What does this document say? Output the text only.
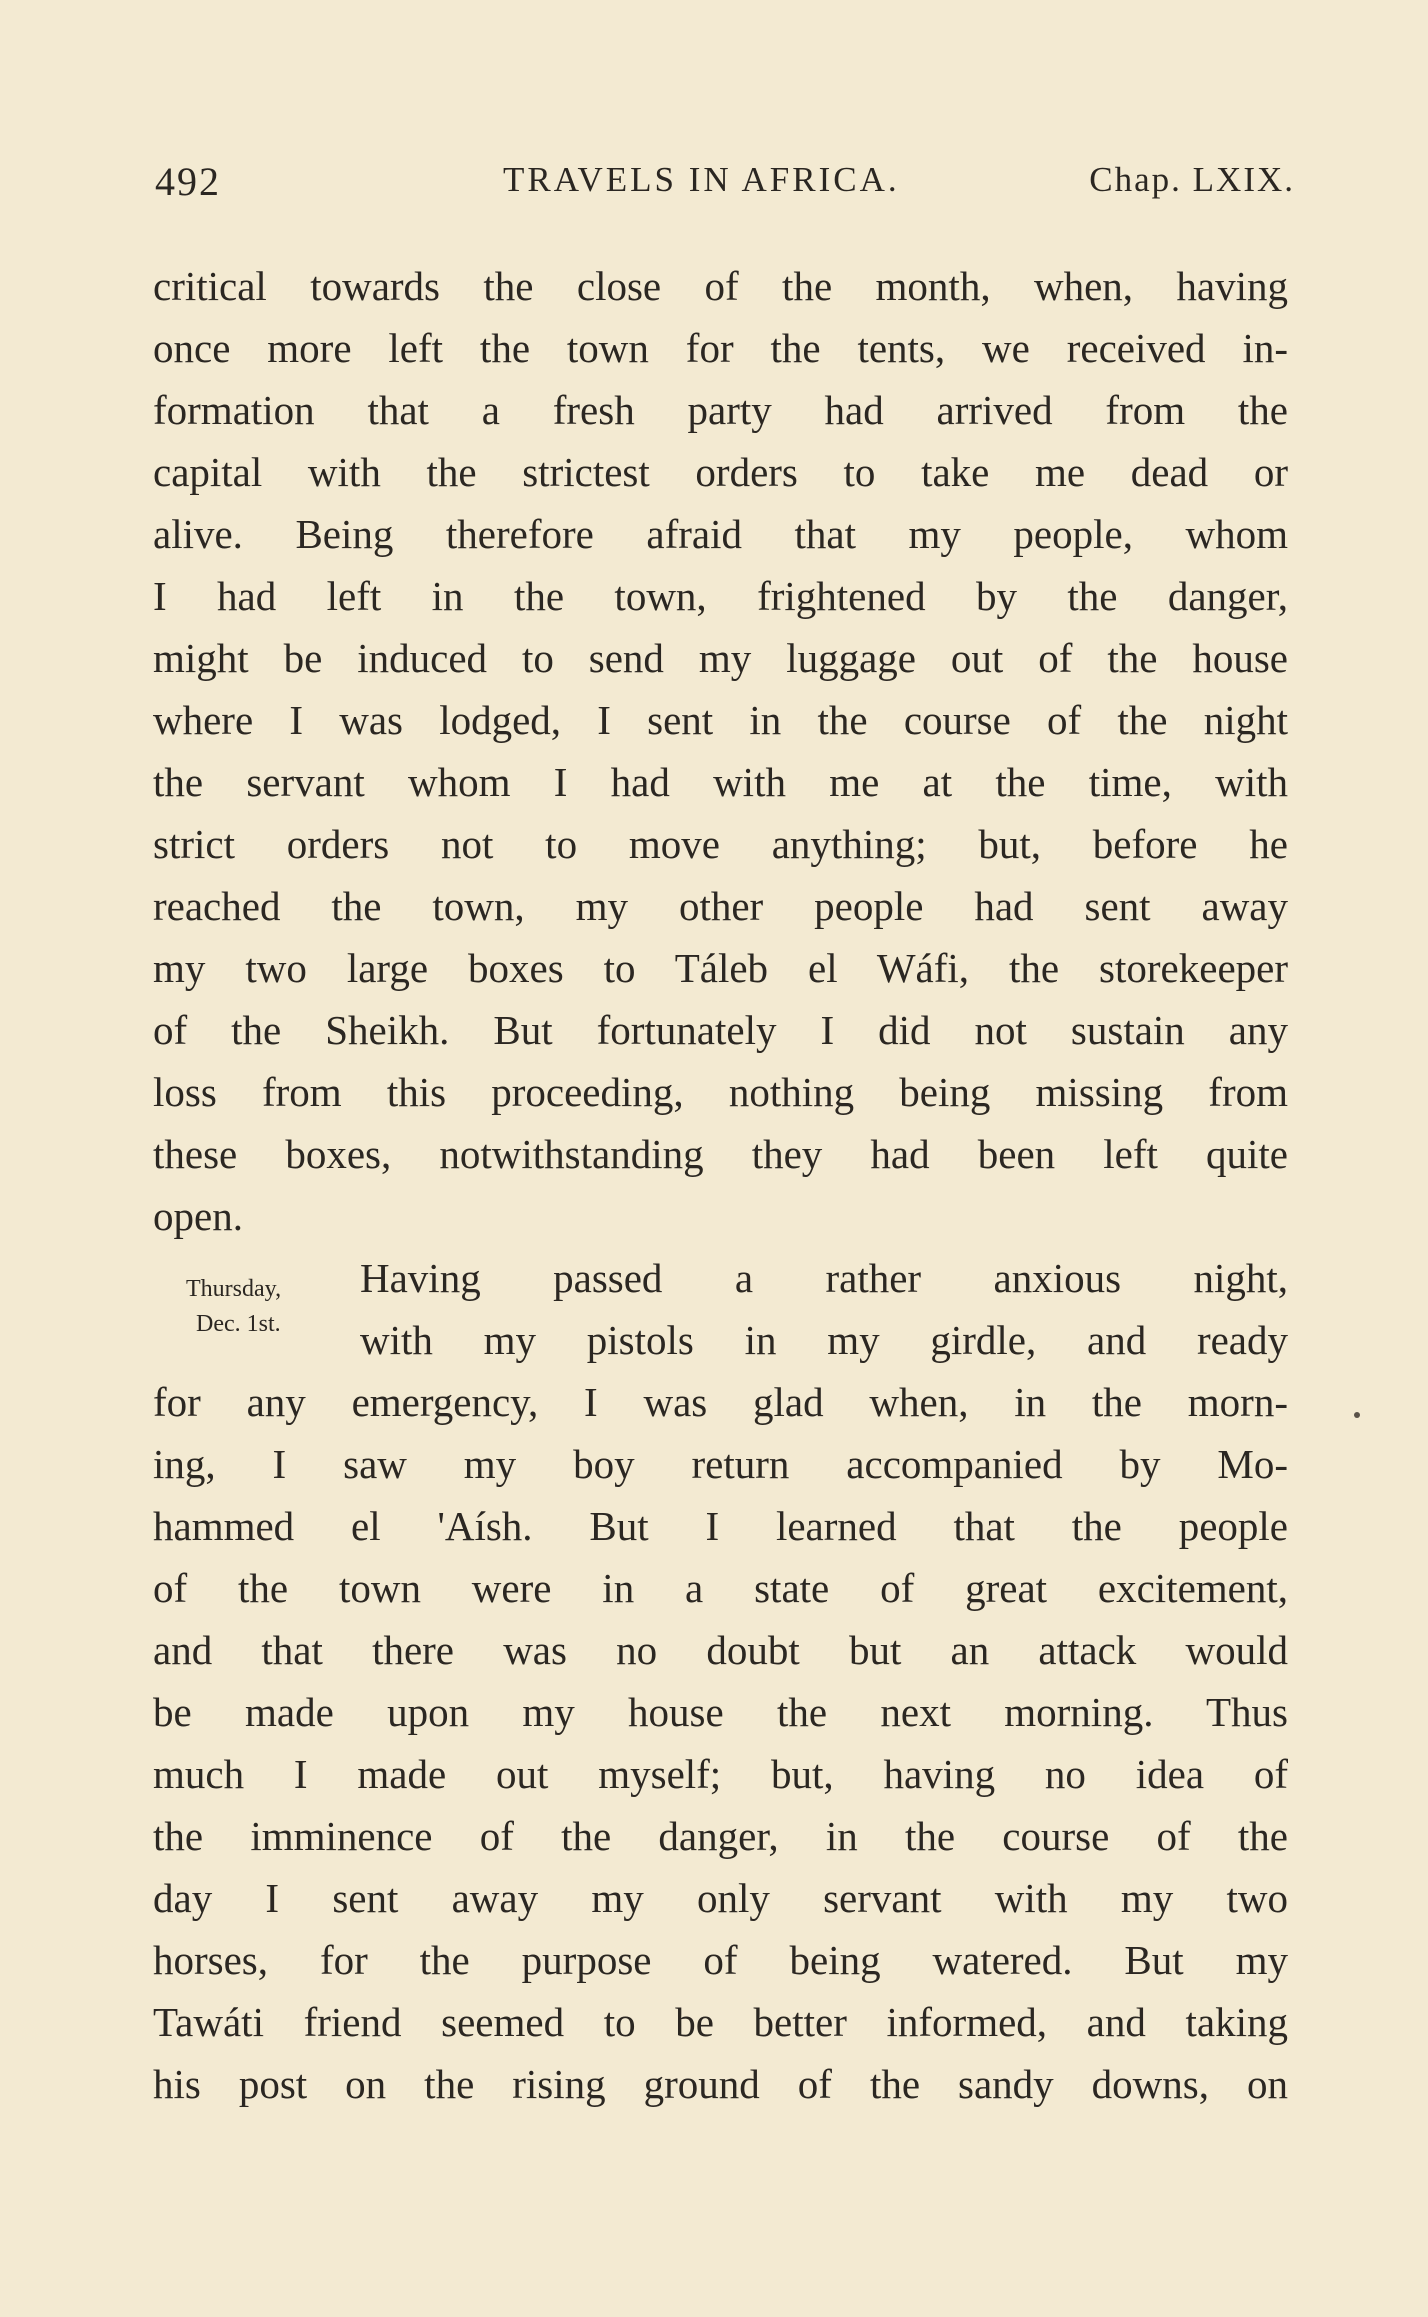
492	TRAVELS IN AFRICA.	Chap. LXIX.
critical towards the close of the month, when, having
once more left the town for the tents, we received in-
formation that a fresh party had arrived from the
capital with the strictest orders to take me dead or
alive. Being therefore afraid that my people, whom
I had left in the town, frightened by the danger,
might be induced to send my luggage out of the house
where I was lodged, I sent in the course of the night
the servant whom I had with me at the time, with
strict orders not to move anything; but, before he
reached the town, my other people had sent away
my two large boxes to Táleb el Wáfi, the storekeeper
of the Sheikh. But fortunately I did not sustain any
loss from this proceeding, nothing being missing from
these boxes, notwithstanding they had been left quite
open.
Having passed a rather anxious night,
with my pistols in my girdle, and ready
for any emergency, I was glad when, in the morn-
ing, I saw my boy return accompanied by Mo-
hammed el 'Aísh. But I learned that the people
of the town were in a state of great excitement,
and that there was no doubt but an attack would
be made upon my house the next morning. Thus
much I made out myself; but, having no idea of
the imminence of the danger, in the course of the
day I sent away my only servant with my two
horses, for the purpose of being watered. But my
Tawáti friend seemed to be better informed, and taking
his post on the rising ground of the sandy downs, on
Thursday,
Dec. 1st.
